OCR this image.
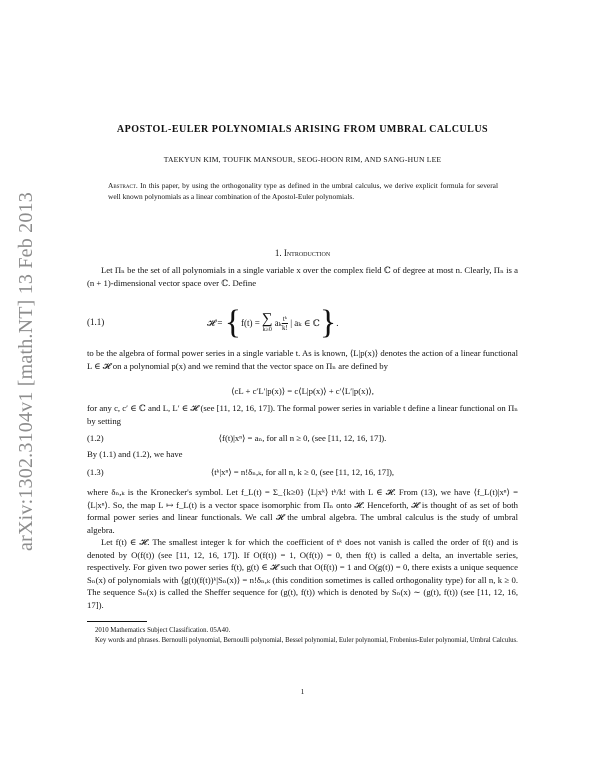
arXiv:1302.3104v1 [math.NT] 13 Feb 2013
APOSTOL-EULER POLYNOMIALS ARISING FROM UMBRAL CALCULUS
TAEKYUN KIM, TOUFIK MANSOUR, SEOG-HOON RIM, AND SANG-HUN LEE
Abstract. In this paper, by using the orthogonality type as defined in the umbral calculus, we derive explicit formula for several well known polynomials as a linear combination of the Apostol-Euler polynomials.
1. Introduction
Let Πₙ be the set of all polynomials in a single variable x over the complex field ℂ of degree at most n. Clearly, Πₙ is a (n + 1)-dimensional vector space over ℂ. Define
(1.1)	𝓗 =
{ f(t) = ∑
k≥0
aₖ $\frac{\text{tᵏ}}{k!}$
| aₖ ∈ ℂ } .
to be the algebra of formal power series in a single variable t. As is known, ⟨L|p(x)⟩ denotes the action of a linear functional L ∈ 𝓗 on a polynomial p(x) and we remind that the vector space on Πₙ are defined by
⟨cL + c′L′|p(x)⟩ = c⟨L|p(x)⟩ + c′⟨L′|p(x)⟩,
for any c, c′ ∈ ℂ and L, L′ ∈ 𝓗 (see [11, 12, 16, 17]). The formal power series in variable t define a linear functional on Πₙ by setting
(1.2)	⟨f(t)|xⁿ⟩ = aₙ, for all n ≥ 0, (see [11, 12, 16, 17]).
By (1.1) and (1.2), we have
(1.3)	⟨tᵏ|xⁿ⟩ = n!δₙ,ₖ, for all n, k ≥ 0, (see [11, 12, 16, 17]),
where δₙ,ₖ is the Kronecker's symbol. Let f_L(t) = Σ_{k≥0} ⟨L|xᵏ⟩ tᵏ/k! with L ∈ 𝓗. From (13), we have ⟨f_L(t)|xⁿ⟩ = ⟨L|xⁿ⟩. So, the map L ↦ f_L(t) is a vector space isomorphic from Πₙ onto 𝓗. Henceforth, 𝓗 is thought of as set of both formal power series and linear functionals. We call 𝓗 the umbral algebra. The umbral calculus is the study of umbral algebra.
Let f(t) ∈ 𝓗. The smallest integer k for which the coefficient of tᵏ does not vanish is called the order of f(t) and is denoted by O(f(t)) (see [11, 12, 16, 17]). If O(f(t)) = 1, O(f(t)) = 0, then f(t) is called a delta, an invertable series, respectively. For given two power series f(t), g(t) ∈ 𝓗 such that O(f(t)) = 1 and O(g(t)) = 0, there exists a unique sequence Sₙ(x) of polynomials with ⟨g(t)(f(t))ᵏ|Sₙ(x)⟩ = n!δₙ,ₖ (this condition sometimes is called orthogonality type) for all n, k ≥ 0. The sequence Sₙ(x) is called the Sheffer sequence for (g(t), f(t)) which is denoted by Sₙ(x) ∼ (g(t), f(t)) (see [11, 12, 16, 17]).
2010 Mathematics Subject Classification. 05A40.
Key words and phrases. Bernoulli polynomial, Bernoulli polynomial, Bessel polynomial, Euler polynomial, Frobenius-Euler polynomial, Umbral Calculus.
1
